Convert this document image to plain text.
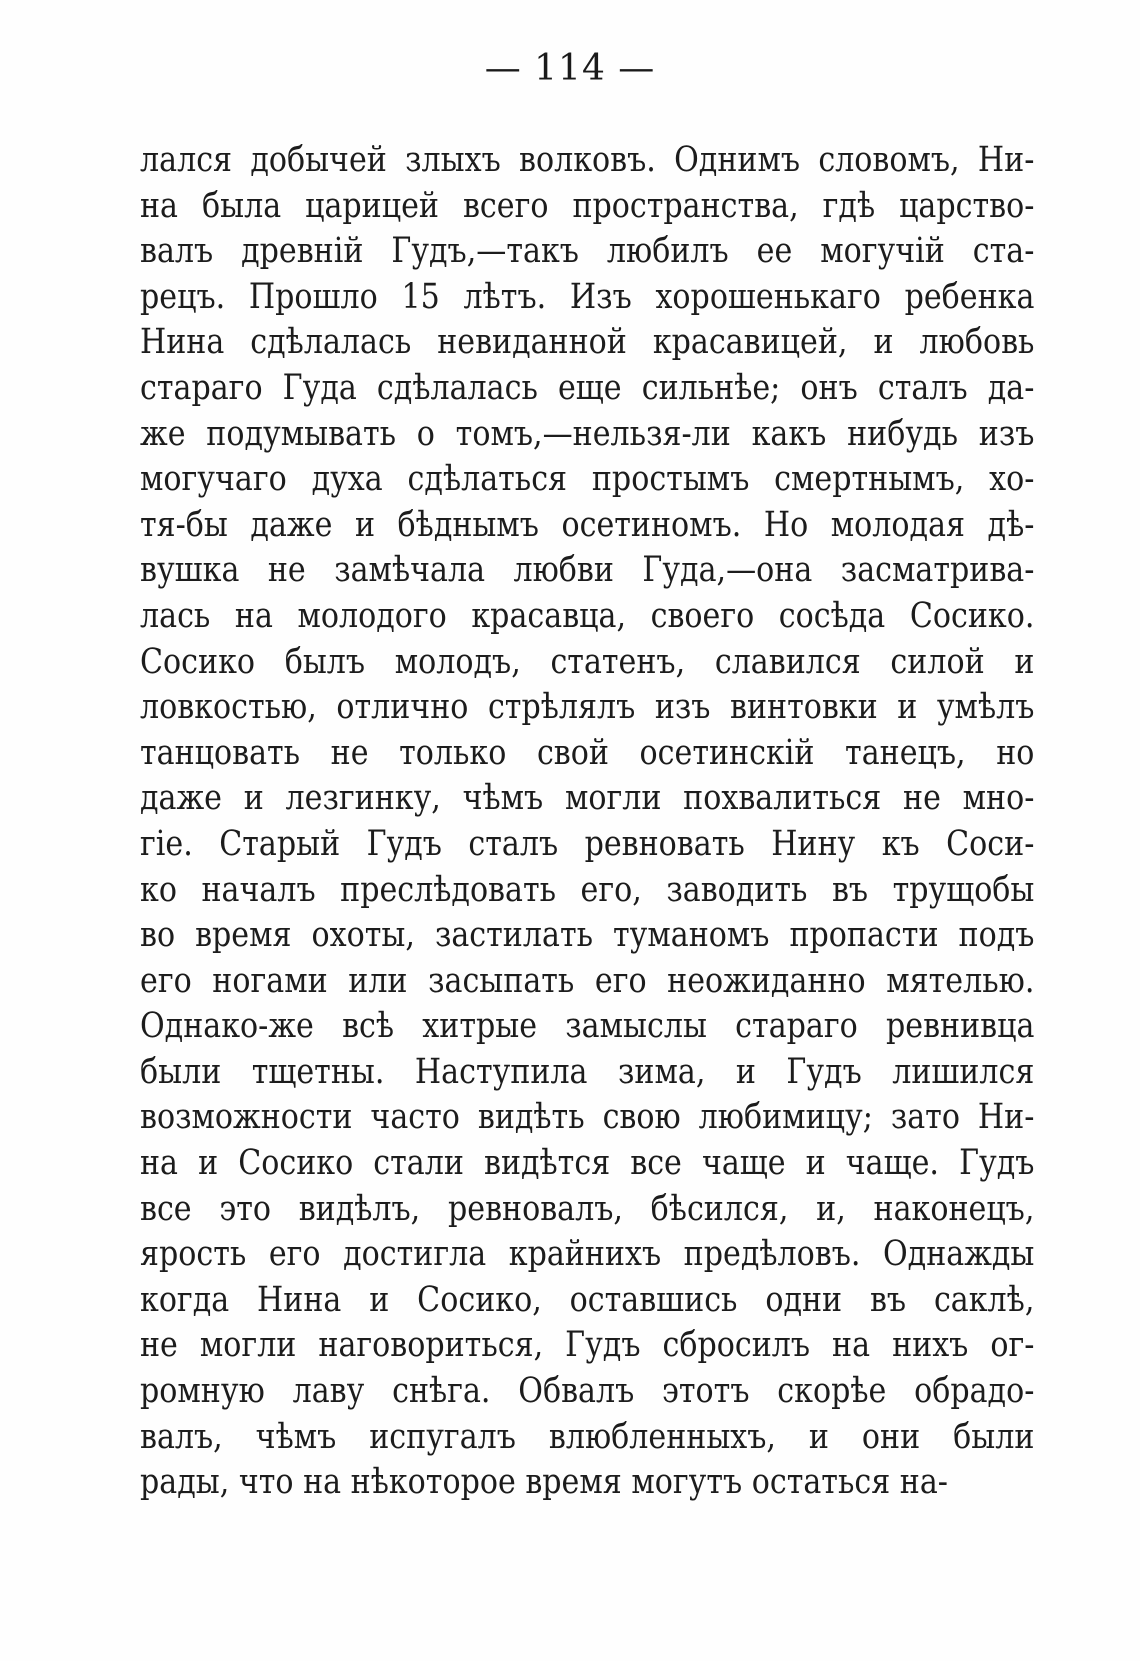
— 114 —
лался добычей злыхъ волковъ. Однимъ словомъ, Ни-
на была царицей всего пространства, гдѣ царство-
валъ древній Гудъ,—такъ любилъ ее могучій ста-
рецъ. Прошло 15 лѣтъ. Изъ хорошенькаго ребенка
Нина сдѣлалась невиданной красавицей, и любовь
стараго Гуда сдѣлалась еще сильнѣе; онъ сталъ да-
же подумывать о томъ,—нельзя-ли какъ нибудь изъ
могучаго духа сдѣлаться простымъ смертнымъ, хо-
тя-бы даже и бѣднымъ осетиномъ. Но молодая дѣ-
вушка не замѣчала любви Гуда,—она засматрива-
лась на молодого красавца, своего сосѣда Сосико.
Сосико былъ молодъ, статенъ, славился силой и
ловкостью, отлично стрѣлялъ изъ винтовки и умѣлъ
танцовать не только свой осетинскій танецъ, но
даже и лезгинку, чѣмъ могли похвалиться не мно-
гіе. Старый Гудъ сталъ ревновать Нину къ Соси-
ко началъ преслѣдовать его, заводить въ трущобы
во время охоты, застилать туманомъ пропасти подъ
его ногами или засыпать его неожиданно мятелью.
Однако-же всѣ хитрые замыслы стараго ревнивца
были тщетны. Наступила зима, и Гудъ лишился
возможности часто видѣть свою любимицу; зато Ни-
на и Сосико стали видѣтся все чаще и чаще. Гудъ
все это видѣлъ, ревновалъ, бѣсился, и, наконецъ,
ярость его достигла крайнихъ предѣловъ. Однажды
когда Нина и Сосико, оставшись одни въ саклѣ,
не могли наговориться, Гудъ сбросилъ на нихъ ог-
ромную лаву снѣга. Обвалъ этотъ скорѣе обрадо-
валъ, чѣмъ испугалъ влюбленныхъ, и они были
рады, что на нѣкоторое время могутъ остаться на-
